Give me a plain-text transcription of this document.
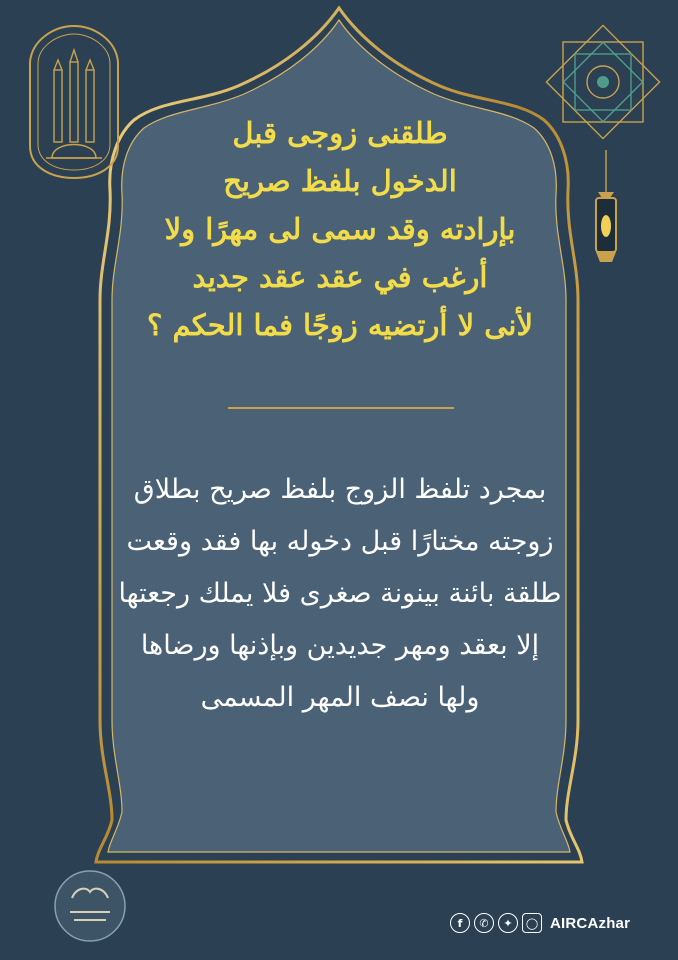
طلقنى زوجى قبل
الدخول بلفظ صريح
بإرادته وقد سمى لى مهرًا ولا
أرغب في عقد عقد جديد
لأنى لا أرتضيه زوجًا فما الحكم ؟
بمجرد تلفظ الزوج بلفظ صريح بطلاق
زوجته مختارًا قبل دخوله بها فقد وقعت
طلقة بائنة بينونة صغرى فلا يملك رجعتها
إلا بعقد ومهر جديدين وبإذنها ورضاها
ولها نصف المهر المسمى
f	✆	✦	◯ AIRCAzhar
